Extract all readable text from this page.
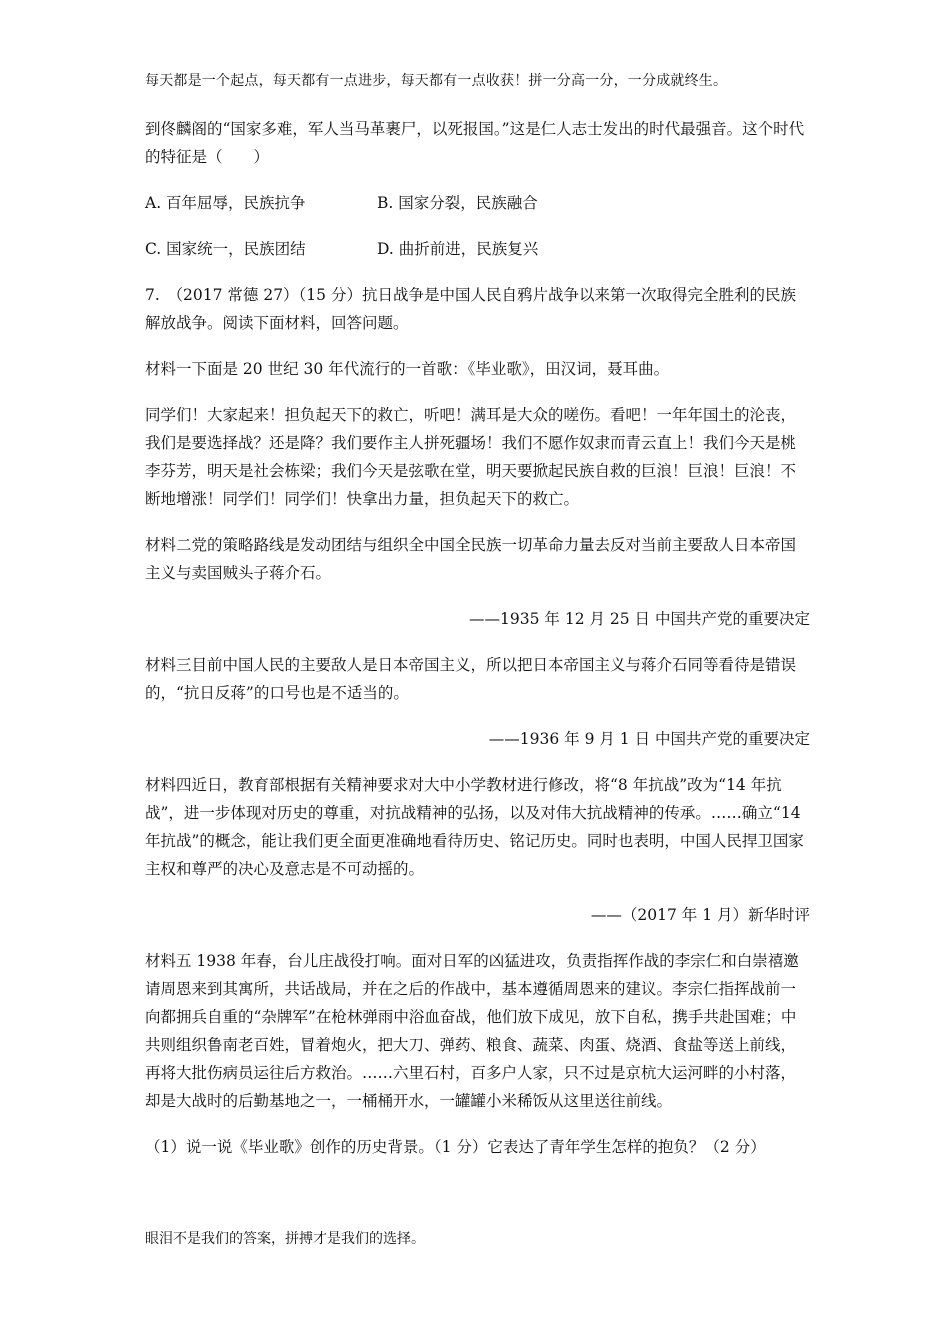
每天都是一个起点，每天都有一点进步，每天都有一点收获！拼一分高一分，一分成就终生。

到佟麟阁的“国家多难，军人当马革裹尸，以死报国。”这是仁人志士发出的时代最强音。这个时代的特征是（　　）

A. 百年屈辱，民族抗争	B. 国家分裂，民族融合
C. 国家统一，民族团结	D. 曲折前进，民族复兴

7.　（2017 常德 27）（15 分）抗日战争是中国人民自鸦片战争以来第一次取得完全胜利的民族解放战争。阅读下面材料，回答问题。

材料一下面是 20 世纪 30 年代流行的一首歌：《毕业歌》，田汉词，聂耳曲。

同学们！大家起来！担负起天下的救亡，听吧！满耳是大众的嗟伤。看吧！一年年国土的沦丧，我们是要选择战？还是降？我们要作主人拼死疆场！我们不愿作奴隶而青云直上！我们今天是桃李芬芳，明天是社会栋梁；我们今天是弦歌在堂，明天要掀起民族自救的巨浪！巨浪！巨浪！不断地增涨！同学们！同学们！快拿出力量，担负起天下的救亡。

材料二党的策略路线是发动团结与组织全中国全民族一切革命力量去反对当前主要敌人日本帝国主义与卖国贼头子蒋介石。

——1935 年 12 月 25 日 中国共产党的重要决定

材料三目前中国人民的主要敌人是日本帝国主义，所以把日本帝国主义与蒋介石同等看待是错误的，“抗日反蒋”的口号也是不适当的。

——1936 年 9 月 1 日 中国共产党的重要决定

材料四近日，教育部根据有关精神要求对大中小学教材进行修改，将“8 年抗战”改为“14 年抗战”，进一步体现对历史的尊重，对抗战精神的弘扬，以及对伟大抗战精神的传承。……确立“14 年抗战”的概念，能让我们更全面更准确地看待历史、铭记历史。同时也表明，中国人民捍卫国家主权和尊严的决心及意志是不可动摇的。

——（2017 年 1 月）新华时评

材料五 1938 年春，台儿庄战役打响。面对日军的凶猛进攻，负责指挥作战的李宗仁和白崇禧邀请周恩来到其寓所，共话战局，并在之后的作战中，基本遵循周恩来的建议。李宗仁指挥战前一向都拥兵自重的“杂牌军”在枪林弹雨中浴血奋战，他们放下成见，放下自私，携手共赴国难；中共则组织鲁南老百姓，冒着炮火，把大刀、弹药、粮食、蔬菜、肉蛋、烧酒、食盐等送上前线，再将大批伤病员运往后方救治。……六里石村，百多户人家，只不过是京杭大运河畔的小村落，却是大战时的后勤基地之一，一桶桶开水，一罐罐小米稀饭从这里送往前线。

（1）说一说《毕业歌》创作的历史背景。（1 分）它表达了青年学生怎样的抱负？（2 分）

眼泪不是我们的答案，拼搏才是我们的选择。
